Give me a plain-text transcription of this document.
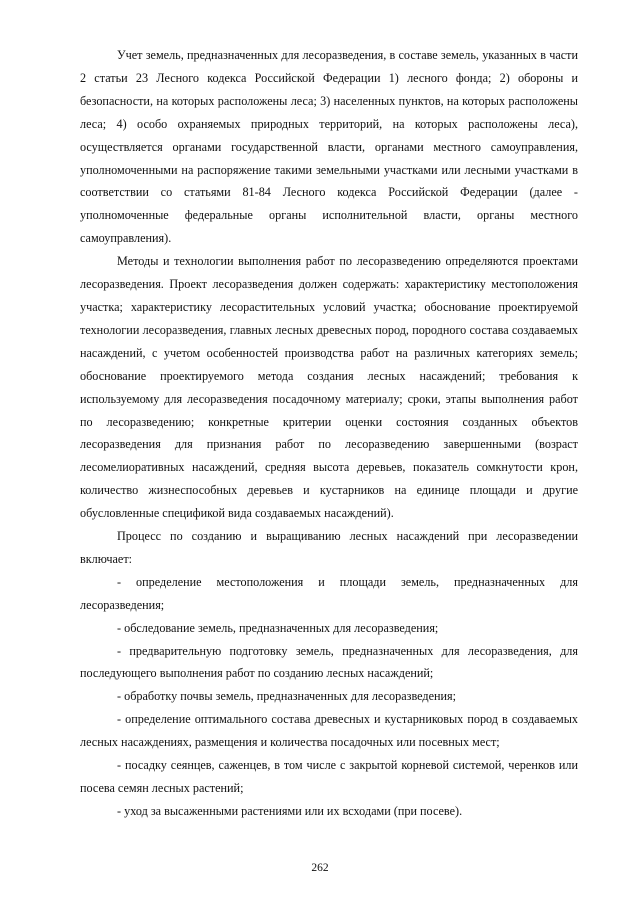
Учет земель, предназначенных для лесоразведения, в составе земель, указанных в части 2 статьи 23 Лесного кодекса Российской Федерации 1) лесного фонда; 2) обороны и безопасности, на которых расположены леса; 3) населенных пунктов, на которых расположены леса; 4) особо охраняемых природных территорий, на которых расположены леса), осуществляется органами государственной власти, органами местного самоуправления, уполномоченными на распоряжение такими земельными участками или лесными участками в соответствии со статьями 81-84 Лесного кодекса Российской Федерации (далее - уполномоченные федеральные органы исполнительной власти, органы местного самоуправления).

Методы и технологии выполнения работ по лесоразведению определяются проектами лесоразведения. Проект лесоразведения должен содержать: характеристику местоположения участка; характеристику лесорастительных условий участка; обоснование проектируемой технологии лесоразведения, главных лесных древесных пород, породного состава создаваемых насаждений, с учетом особенностей производства работ на различных категориях земель; обоснование проектируемого метода создания лесных насаждений; требования к используемому для лесоразведения посадочному материалу; сроки, этапы выполнения работ по лесоразведению; конкретные критерии оценки состояния созданных объектов лесоразведения для признания работ по лесоразведению завершенными (возраст лесомелиоративных насаждений, средняя высота деревьев, показатель сомкнутости крон, количество жизнеспособных деревьев и кустарников на единице площади и другие обусловленные спецификой вида создаваемых насаждений).

Процесс по созданию и выращиванию лесных насаждений при лесоразведении включает:

- определение местоположения и площади земель, предназначенных для лесоразведения;

- обследование земель, предназначенных для лесоразведения;

- предварительную подготовку земель, предназначенных для лесоразведения, для последующего выполнения работ по созданию лесных насаждений;

- обработку почвы земель, предназначенных для лесоразведения;

- определение оптимального состава древесных и кустарниковых пород в создаваемых лесных насаждениях, размещения и количества посадочных или посевных мест;

- посадку сеянцев, саженцев, в том числе с закрытой корневой системой, черенков или посева семян лесных растений;

- уход за высаженными растениями или их всходами (при посеве).

262
